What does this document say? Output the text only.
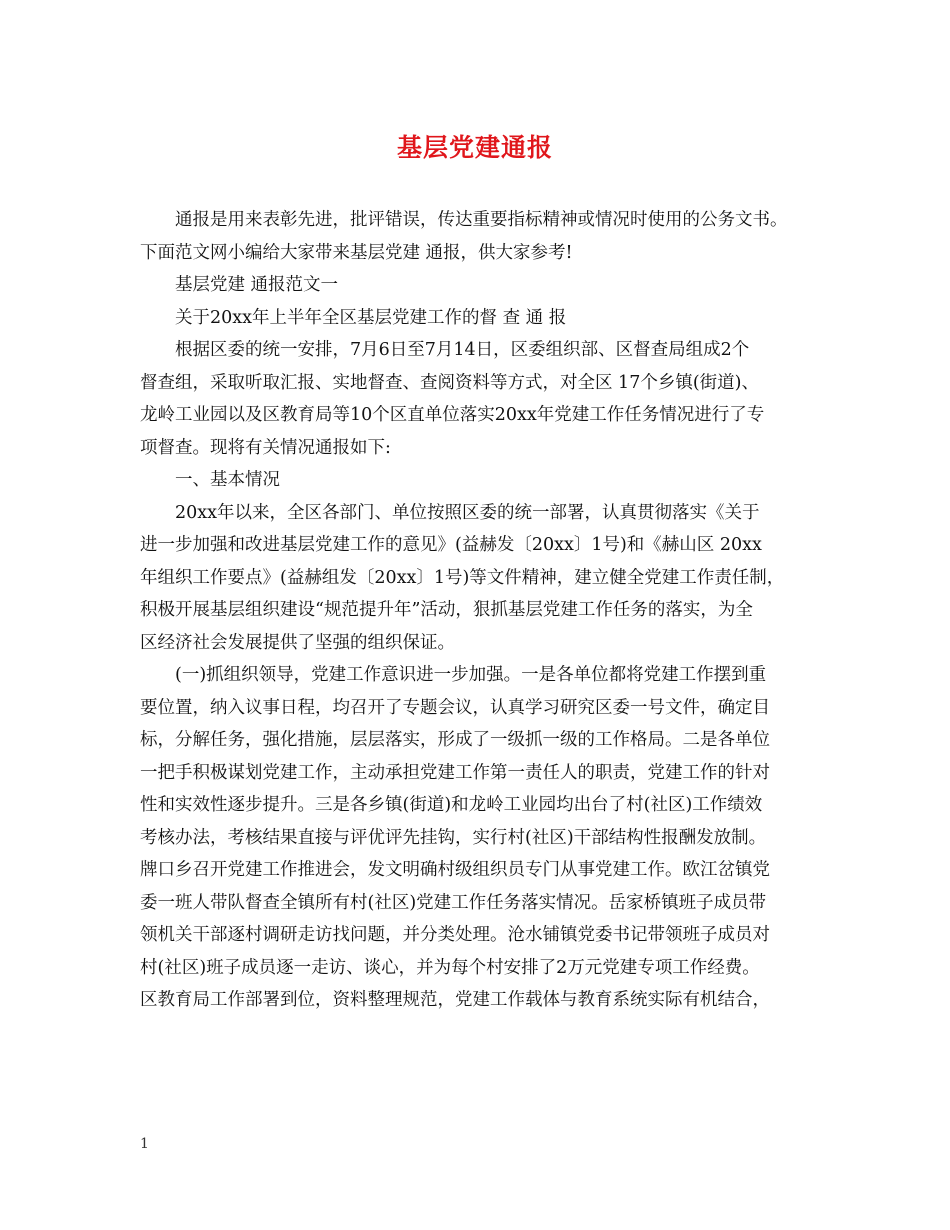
基层党建通报
通报是用来表彰先进，批评错误，传达重要指标精神或情况时使用的公务文书。
下面范文网小编给大家带来基层党建 通报，供大家参考!
基层党建 通报范文一
关于20xx年上半年全区基层党建工作的督 查 通 报
根据区委的统一安排，7月6日至7月14日，区委组织部、区督查局组成2个
督查组，采取听取汇报、实地督查、查阅资料等方式，对全区 17个乡镇(街道)、
龙岭工业园以及区教育局等10个区直单位落实20xx年党建工作任务情况进行了专
项督查。现将有关情况通报如下:
一、基本情况
20xx年以来，全区各部门、单位按照区委的统一部署，认真贯彻落实《关于
进一步加强和改进基层党建工作的意见》(益赫发〔20xx〕1号)和《赫山区 20xx
年组织工作要点》(益赫组发〔20xx〕1号)等文件精神，建立健全党建工作责任制，
积极开展基层组织建设“规范提升年”活动，狠抓基层党建工作任务的落实，为全
区经济社会发展提供了坚强的组织保证。
(一)抓组织领导，党建工作意识进一步加强。一是各单位都将党建工作摆到重
要位置，纳入议事日程，均召开了专题会议，认真学习研究区委一号文件，确定目
标，分解任务，强化措施，层层落实，形成了一级抓一级的工作格局。二是各单位
一把手积极谋划党建工作，主动承担党建工作第一责任人的职责，党建工作的针对
性和实效性逐步提升。三是各乡镇(街道)和龙岭工业园均出台了村(社区)工作绩效
考核办法，考核结果直接与评优评先挂钩，实行村(社区)干部结构性报酬发放制。
牌口乡召开党建工作推进会，发文明确村级组织员专门从事党建工作。欧江岔镇党
委一班人带队督查全镇所有村(社区)党建工作任务落实情况。岳家桥镇班子成员带
领机关干部逐村调研走访找问题，并分类处理。沧水铺镇党委书记带领班子成员对
村(社区)班子成员逐一走访、谈心，并为每个村安排了2万元党建专项工作经费。
区教育局工作部署到位，资料整理规范，党建工作载体与教育系统实际有机结合，
1
